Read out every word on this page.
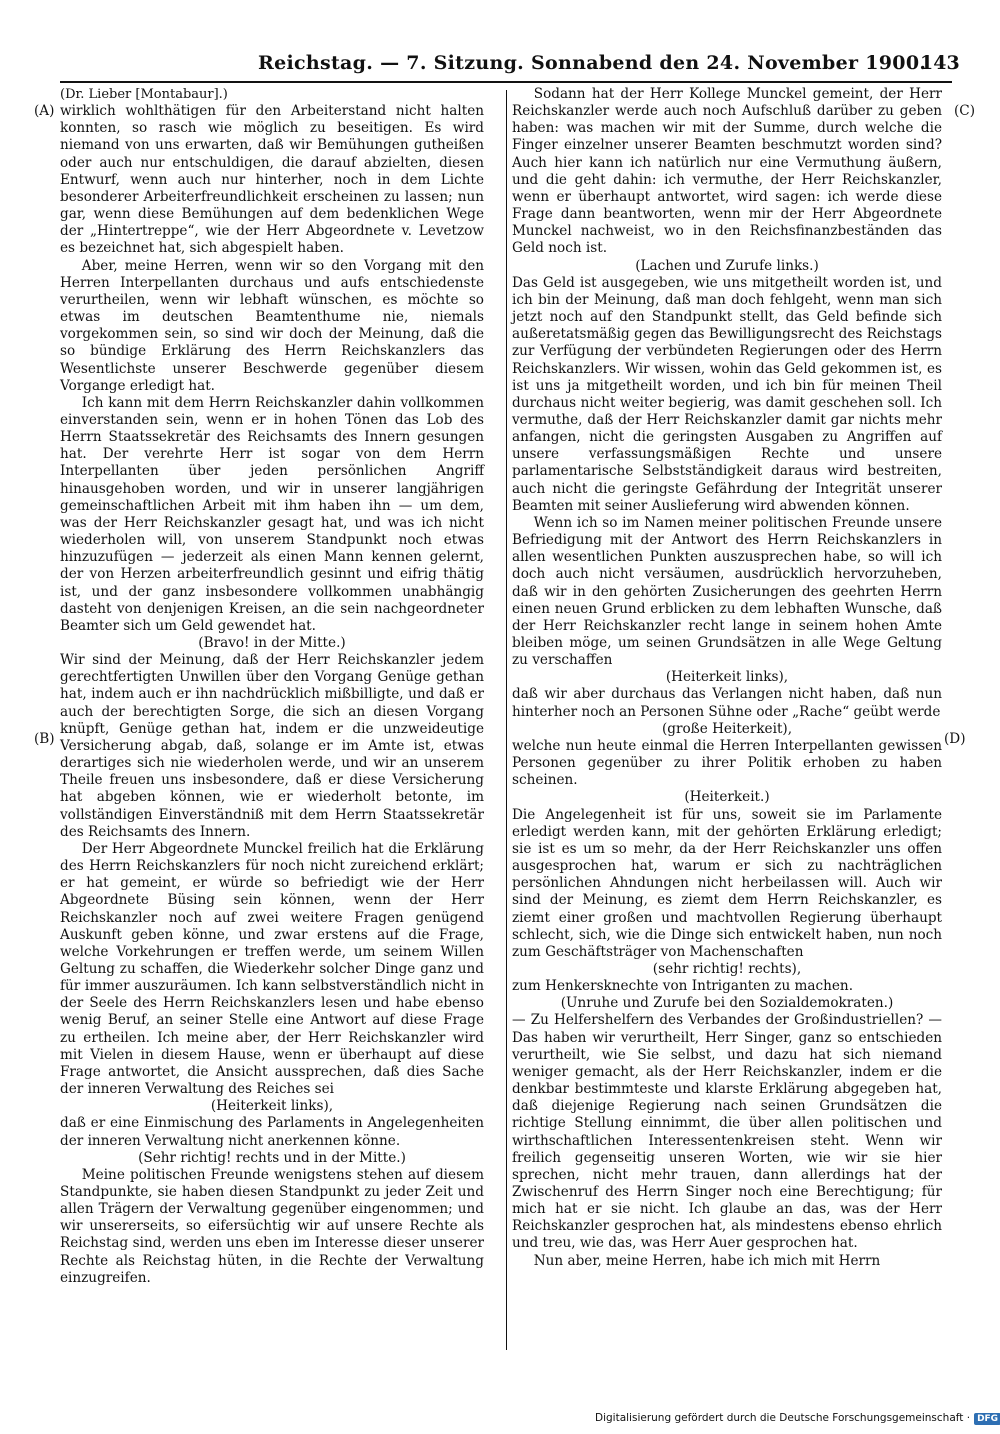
Reichstag. — 7. Sitzung. Sonnabend den 24. November 1900.
143
(A)
(B)
(C)
(D)

(Dr. Lieber [Montabaur].)

wirklich wohlthätigen für den Arbeiterstand nicht halten konnten, so rasch wie möglich zu beseitigen. Es wird niemand von uns erwarten, daß wir Bemühungen gutheißen oder auch nur entschuldigen, die darauf abzielten, diesen Entwurf, wenn auch nur hinterher, noch in dem Lichte besonderer Arbeiterfreundlichkeit erscheinen zu lassen; nun gar, wenn diese Bemühungen auf dem bedenklichen Wege der „Hintertreppe“, wie der Herr Abgeordnete v. Levetzow es bezeichnet hat, sich abgespielt haben.

Aber, meine Herren, wenn wir so den Vorgang mit den Herren Interpellanten durchaus und aufs entschiedenste verurtheilen, wenn wir lebhaft wünschen, es möchte so etwas im deutschen Beamtenthume nie, niemals vorgekommen sein, so sind wir doch der Meinung, daß die so bündige Erklärung des Herrn Reichskanzlers das Wesentlichste unserer Beschwerde gegenüber diesem Vorgange erledigt hat.

Ich kann mit dem Herrn Reichskanzler dahin vollkommen einverstanden sein, wenn er in hohen Tönen das Lob des Herrn Staatssekretär des Reichsamts des Innern gesungen hat. Der verehrte Herr ist sogar von dem Herrn Interpellanten über jeden persönlichen Angriff hinausgehoben worden, und wir in unserer langjährigen gemeinschaftlichen Arbeit mit ihm haben ihn — um dem, was der Herr Reichskanzler gesagt hat, und was ich nicht wiederholen will, von unserem Standpunkt noch etwas hinzuzufügen — jederzeit als einen Mann kennen gelernt, der von Herzen arbeiterfreundlich gesinnt und eifrig thätig ist, und der ganz insbesondere vollkommen unabhängig dasteht von denjenigen Kreisen, an die sein nachgeordneter Beamter sich um Geld gewendet hat.

(Bravo! in der Mitte.)

Wir sind der Meinung, daß der Herr Reichskanzler jedem gerechtfertigten Unwillen über den Vorgang Genüge gethan hat, indem auch er ihn nachdrücklich mißbilligte, und daß er auch der berechtigten Sorge, die sich an diesen Vorgang knüpft, Genüge gethan hat, indem er die unzweideutige Versicherung abgab, daß, solange er im Amte ist, etwas derartiges sich nie wiederholen werde, und wir an unserem Theile freuen uns insbesondere, daß er diese Versicherung hat abgeben können, wie er wiederholt betonte, im vollständigen Einverständniß mit dem Herrn Staatssekretär des Reichsamts des Innern.

Der Herr Abgeordnete Munckel freilich hat die Erklärung des Herrn Reichskanzlers für noch nicht zureichend erklärt; er hat gemeint, er würde so befriedigt wie der Herr Abgeordnete Büsing sein können, wenn der Herr Reichskanzler noch auf zwei weitere Fragen genügend Auskunft geben könne, und zwar erstens auf die Frage, welche Vorkehrungen er treffen werde, um seinem Willen Geltung zu schaffen, die Wiederkehr solcher Dinge ganz und für immer auszuräumen. Ich kann selbstverständlich nicht in der Seele des Herrn Reichskanzlers lesen und habe ebenso wenig Beruf, an seiner Stelle eine Antwort auf diese Frage zu ertheilen. Ich meine aber, der Herr Reichskanzler wird mit Vielen in diesem Hause, wenn er überhaupt auf diese Frage antwortet, die Ansicht aussprechen, daß dies Sache der inneren Verwaltung des Reiches sei

(Heiterkeit links),

daß er eine Einmischung des Parlaments in Angelegenheiten der inneren Verwaltung nicht anerkennen könne.

(Sehr richtig! rechts und in der Mitte.)

Meine politischen Freunde wenigstens stehen auf diesem Standpunkte, sie haben diesen Standpunkt zu jeder Zeit und allen Trägern der Verwaltung gegenüber eingenommen; und wir unsererseits, so eifersüchtig wir auf unsere Rechte als Reichstag sind, werden uns eben im Interesse dieser unserer Rechte als Reichstag hüten, in die Rechte der Verwaltung einzugreifen.

Sodann hat der Herr Kollege Munckel gemeint, der Herr Reichskanzler werde auch noch Aufschluß darüber zu geben haben: was machen wir mit der Summe, durch welche die Finger einzelner unserer Beamten beschmutzt worden sind? Auch hier kann ich natürlich nur eine Vermuthung äußern, und die geht dahin: ich vermuthe, der Herr Reichskanzler, wenn er überhaupt antwortet, wird sagen: ich werde diese Frage dann beantworten, wenn mir der Herr Abgeordnete Munckel nachweist, wo in den Reichsfinanzbeständen das Geld noch ist.

(Lachen und Zurufe links.)

Das Geld ist ausgegeben, wie uns mitgetheilt worden ist, und ich bin der Meinung, daß man doch fehlgeht, wenn man sich jetzt noch auf den Standpunkt stellt, das Geld befinde sich außeretatsmäßig gegen das Bewilligungsrecht des Reichstags zur Verfügung der verbündeten Regierungen oder des Herrn Reichskanzlers. Wir wissen, wohin das Geld gekommen ist, es ist uns ja mitgetheilt worden, und ich bin für meinen Theil durchaus nicht weiter begierig, was damit geschehen soll. Ich vermuthe, daß der Herr Reichskanzler damit gar nichts mehr anfangen, nicht die geringsten Ausgaben zu Angriffen auf unsere verfassungsmäßigen Rechte und unsere parlamentarische Selbstständigkeit daraus wird bestreiten, auch nicht die geringste Gefährdung der Integrität unserer Beamten mit seiner Auslieferung wird abwenden können.

Wenn ich so im Namen meiner politischen Freunde unsere Befriedigung mit der Antwort des Herrn Reichskanzlers in allen wesentlichen Punkten auszusprechen habe, so will ich doch auch nicht versäumen, ausdrücklich hervorzuheben, daß wir in den gehörten Zusicherungen des geehrten Herrn einen neuen Grund erblicken zu dem lebhaften Wunsche, daß der Herr Reichskanzler recht lange in seinem hohen Amte bleiben möge, um seinen Grundsätzen in alle Wege Geltung zu verschaffen

(Heiterkeit links),

daß wir aber durchaus das Verlangen nicht haben, daß nun hinterher noch an Personen Sühne oder „Rache“ geübt werde

(große Heiterkeit),

welche nun heute einmal die Herren Interpellanten gewissen Personen gegenüber zu ihrer Politik erhoben zu haben scheinen.

(Heiterkeit.)

Die Angelegenheit ist für uns, soweit sie im Parlamente erledigt werden kann, mit der gehörten Erklärung erledigt; sie ist es um so mehr, da der Herr Reichskanzler uns offen ausgesprochen hat, warum er sich zu nachträglichen persönlichen Ahndungen nicht herbeilassen will. Auch wir sind der Meinung, es ziemt dem Herrn Reichskanzler, es ziemt einer großen und machtvollen Regierung überhaupt schlecht, sich, wie die Dinge sich entwickelt haben, nun noch zum Geschäftsträger von Machenschaften

(sehr richtig! rechts),

zum Henkersknechte von Intriganten zu machen.

(Unruhe und Zurufe bei den Sozialdemokraten.)

— Zu Helfershelfern des Verbandes der Großindustriellen? — Das haben wir verurtheilt, Herr Singer, ganz so entschieden verurtheilt, wie Sie selbst, und dazu hat sich niemand weniger gemacht, als der Herr Reichskanzler, indem er die denkbar bestimmteste und klarste Erklärung abgegeben hat, daß diejenige Regierung nach seinen Grundsätzen die richtige Stellung einnimmt, die über allen politischen und wirthschaftlichen Interessentenkreisen steht. Wenn wir freilich gegenseitig unseren Worten, wie wir sie hier sprechen, nicht mehr trauen, dann allerdings hat der Zwischenruf des Herrn Singer noch eine Berechtigung; für mich hat er sie nicht. Ich glaube an das, was der Herr Reichskanzler gesprochen hat, als mindestens ebenso ehrlich und treu, wie das, was Herr Auer gesprochen hat.

Nun aber, meine Herren, habe ich mich mit Herrn

Digitalisierung gefördert durch die Deutsche Forschungsgemeinschaft · DFG
